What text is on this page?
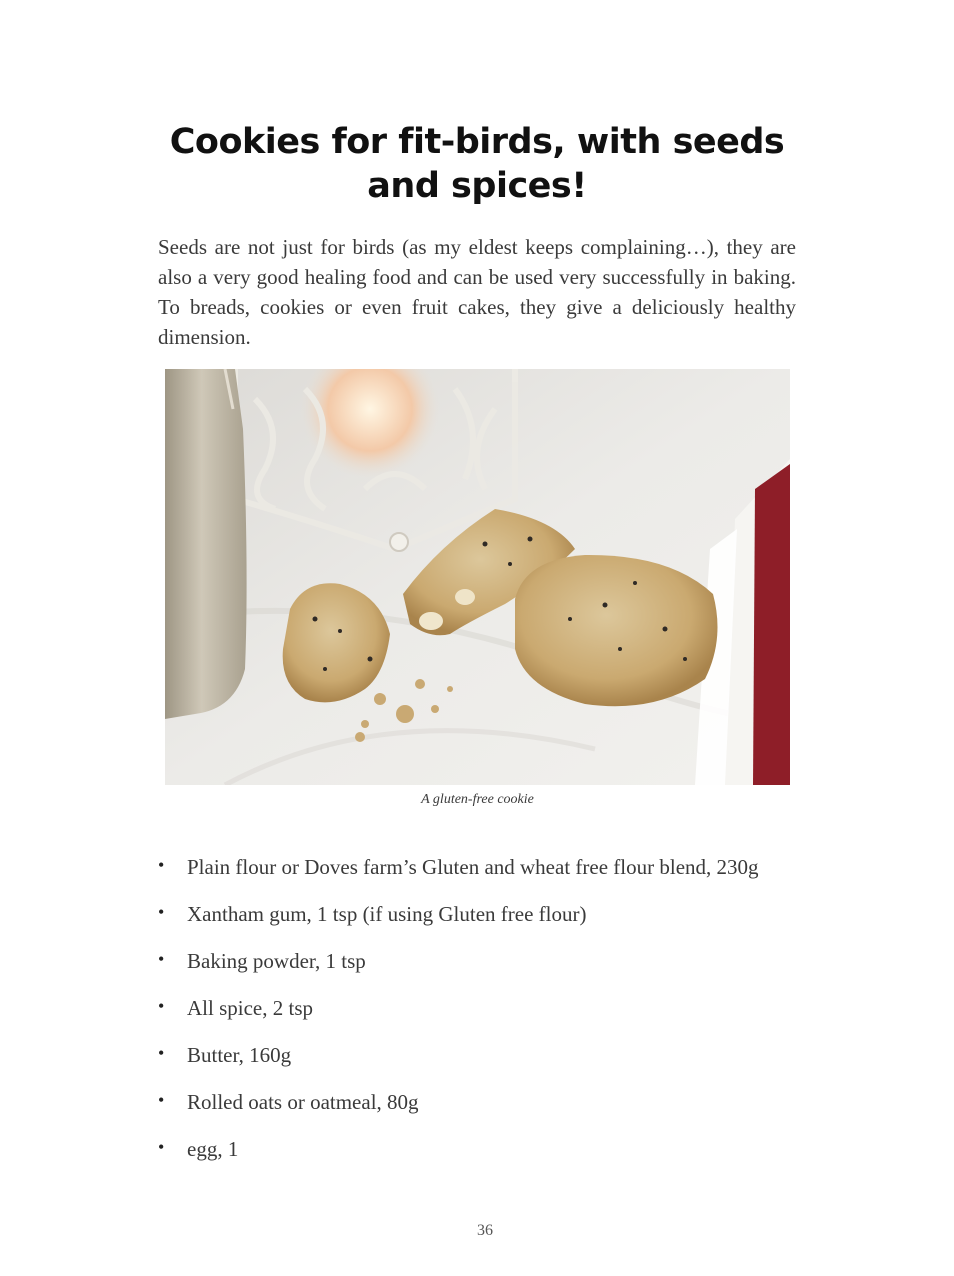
Cookies for fit-birds, with seeds and spices!

Seeds are not just for birds (as my eldest keeps complaining…), they are also a very good healing food and can be used very successfully in baking. To breads, cookies or even fruit cakes, they give a deliciously healthy dimension.

A gluten-free cookie

• Plain flour or Doves farm’s Gluten and wheat free flour blend, 230g
• Xantham gum, 1 tsp (if using Gluten free flour)
• Baking powder, 1 tsp
• All spice, 2 tsp
• Butter, 160g
• Rolled oats or oatmeal, 80g
• egg, 1

36
